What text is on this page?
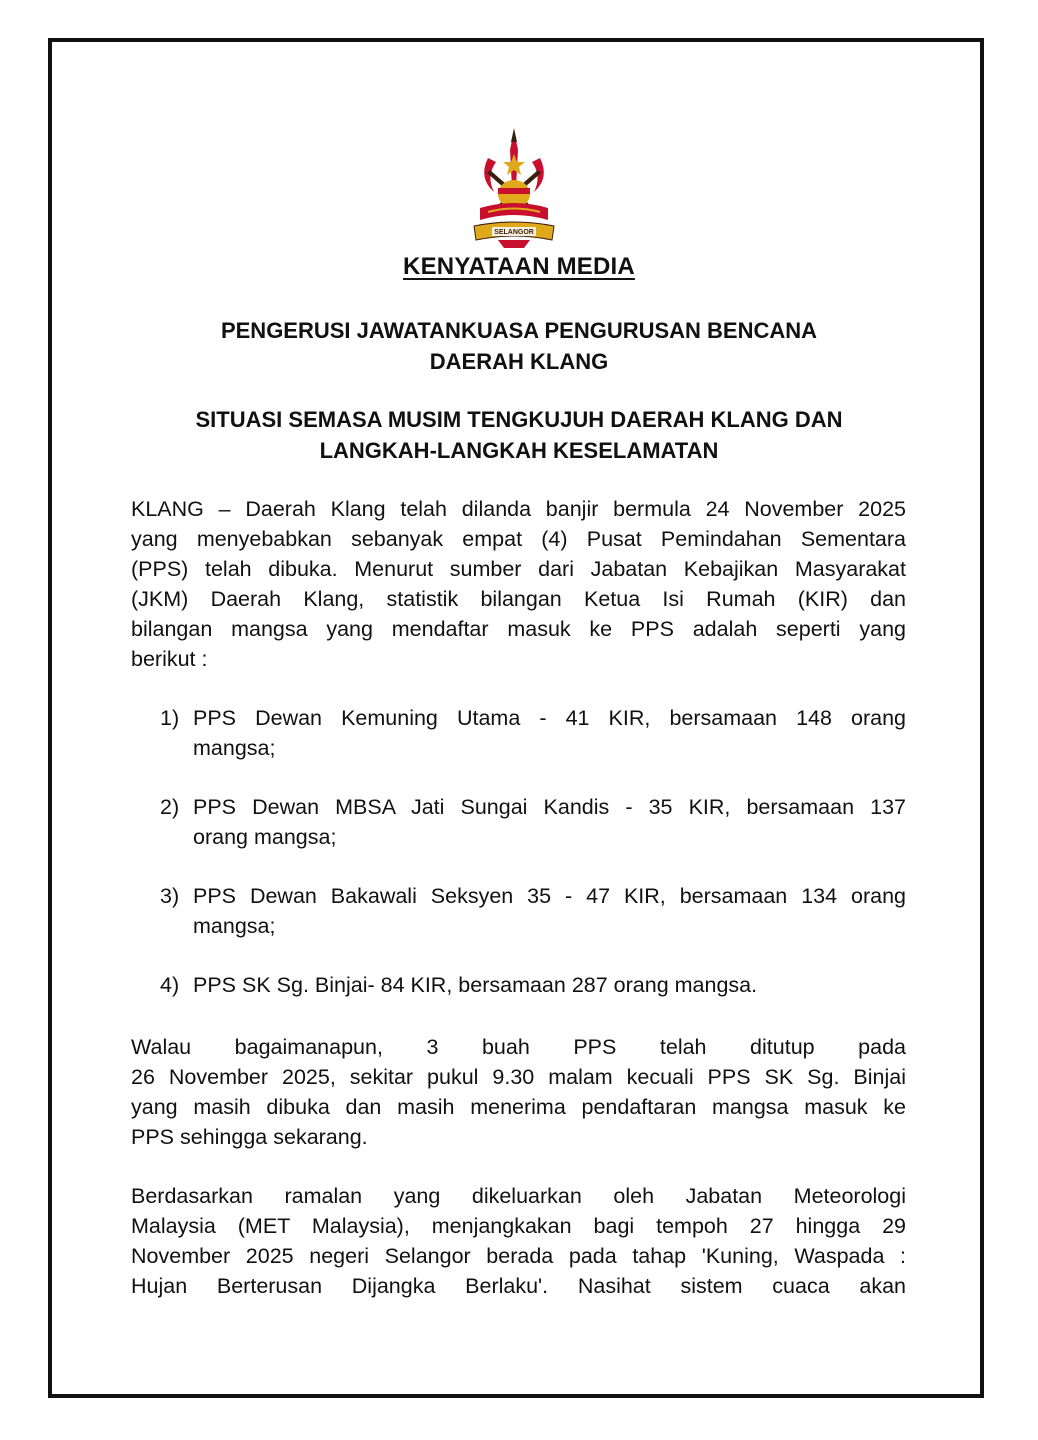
SELANGOR
KENYATAAN MEDIA
PENGERUSI JAWATANKUASA PENGURUSAN BENCANA
DAERAH KLANG
SITUASI SEMASA MUSIM TENGKUJUH DAERAH KLANG DAN
LANGKAH-LANGKAH KESELAMATAN
KLANG – Daerah Klang telah dilanda banjir bermula 24 November 2025
yang menyebabkan sebanyak empat (4) Pusat Pemindahan Sementara
(PPS) telah dibuka. Menurut sumber dari Jabatan Kebajikan Masyarakat
(JKM) Daerah Klang, statistik bilangan Ketua Isi Rumah (KIR) dan
bilangan mangsa yang mendaftar masuk ke PPS adalah seperti yang
berikut :
1) PPS Dewan Kemuning Utama - 41 KIR, bersamaan 148 orang
mangsa;
2) PPS Dewan MBSA Jati Sungai Kandis - 35 KIR, bersamaan 137
orang mangsa;
3) PPS Dewan Bakawali Seksyen 35 - 47 KIR, bersamaan 134 orang
mangsa;
4) PPS SK Sg. Binjai- 84 KIR, bersamaan 287 orang mangsa.
Walau bagaimanapun, 3 buah PPS telah ditutup pada
26 November 2025, sekitar pukul 9.30 malam kecuali PPS SK Sg. Binjai
yang masih dibuka dan masih menerima pendaftaran mangsa masuk ke
PPS sehingga sekarang.
Berdasarkan ramalan yang dikeluarkan oleh Jabatan Meteorologi
Malaysia (MET Malaysia), menjangkakan bagi tempoh 27 hingga 29
November 2025 negeri Selangor berada pada tahap 'Kuning, Waspada :
Hujan Berterusan Dijangka Berlaku'. Nasihat sistem cuaca akan
